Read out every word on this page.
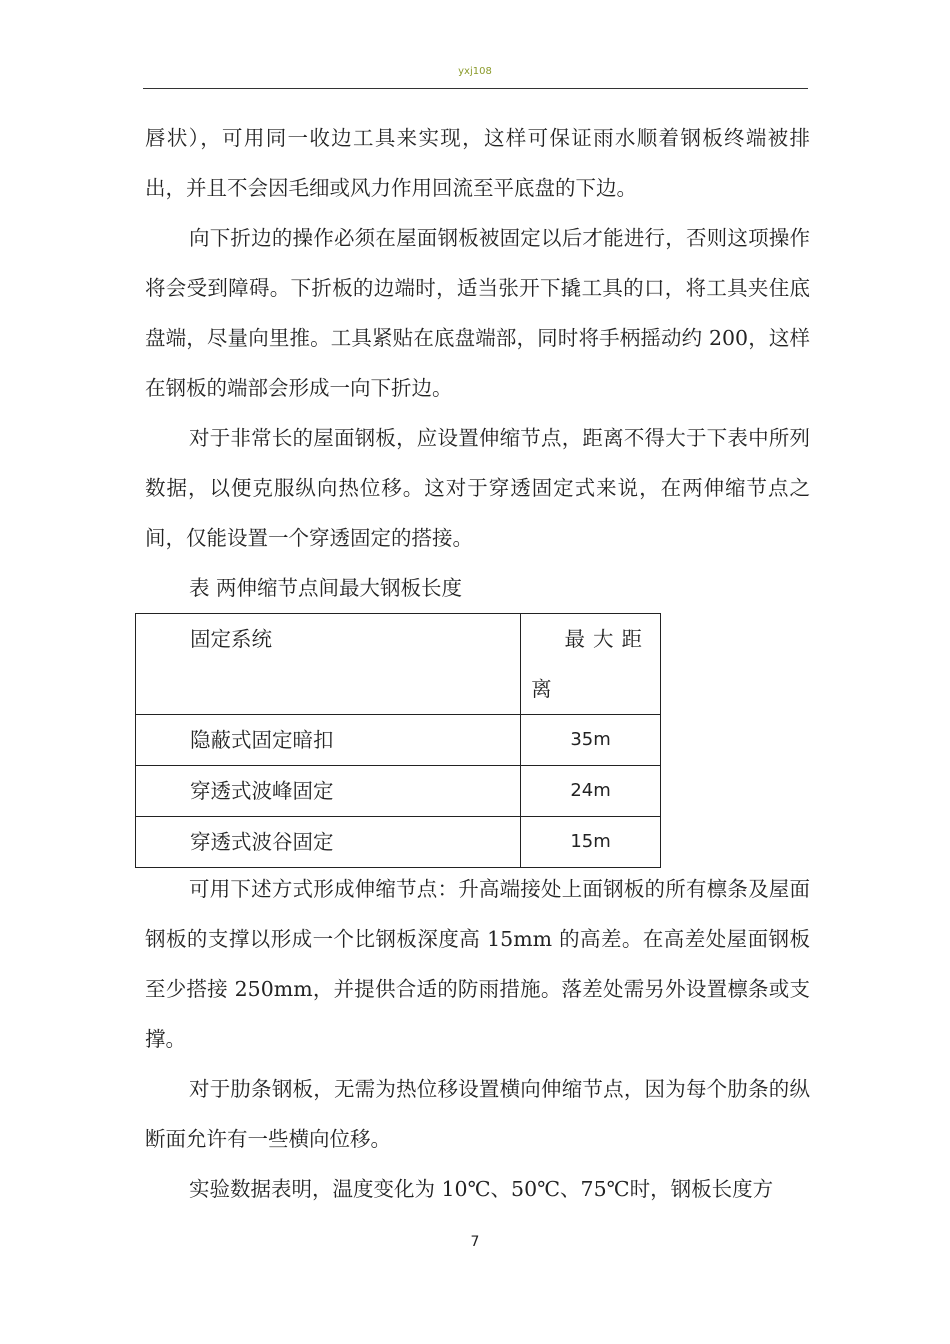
yxj108

唇状），可用同一收边工具来实现，这样可保证雨水顺着钢板终端被排出，并且不会因毛细或风力作用回流至平底盘的下边。

向下折边的操作必须在屋面钢板被固定以后才能进行，否则这项操作将会受到障碍。下折板的边端时，适当张开下撬工具的口，将工具夹住底盘端，尽量向里推。工具紧贴在底盘端部，同时将手柄摇动约 200，这样在钢板的端部会形成一向下折边。

对于非常长的屋面钢板，应设置伸缩节点，距离不得大于下表中所列数据，以便克服纵向热位移。这对于穿透固定式来说，在两伸缩节点之间，仅能设置一个穿透固定的搭接。

表 两伸缩节点间最大钢板长度

固定系统	最大距
离
隐蔽式固定暗扣	35m
穿透式波峰固定	24m
穿透式波谷固定	15m

可用下述方式形成伸缩节点：升高端接处上面钢板的所有檩条及屋面钢板的支撑以形成一个比钢板深度高 15mm 的高差。在高差处屋面钢板至少搭接 250mm，并提供合适的防雨措施。落差处需另外设置檩条或支撑。

对于肋条钢板，无需为热位移设置横向伸缩节点，因为每个肋条的纵断面允许有一些横向位移。

实验数据表明，温度变化为 10℃、50℃、75℃时，钢板长度方

7
